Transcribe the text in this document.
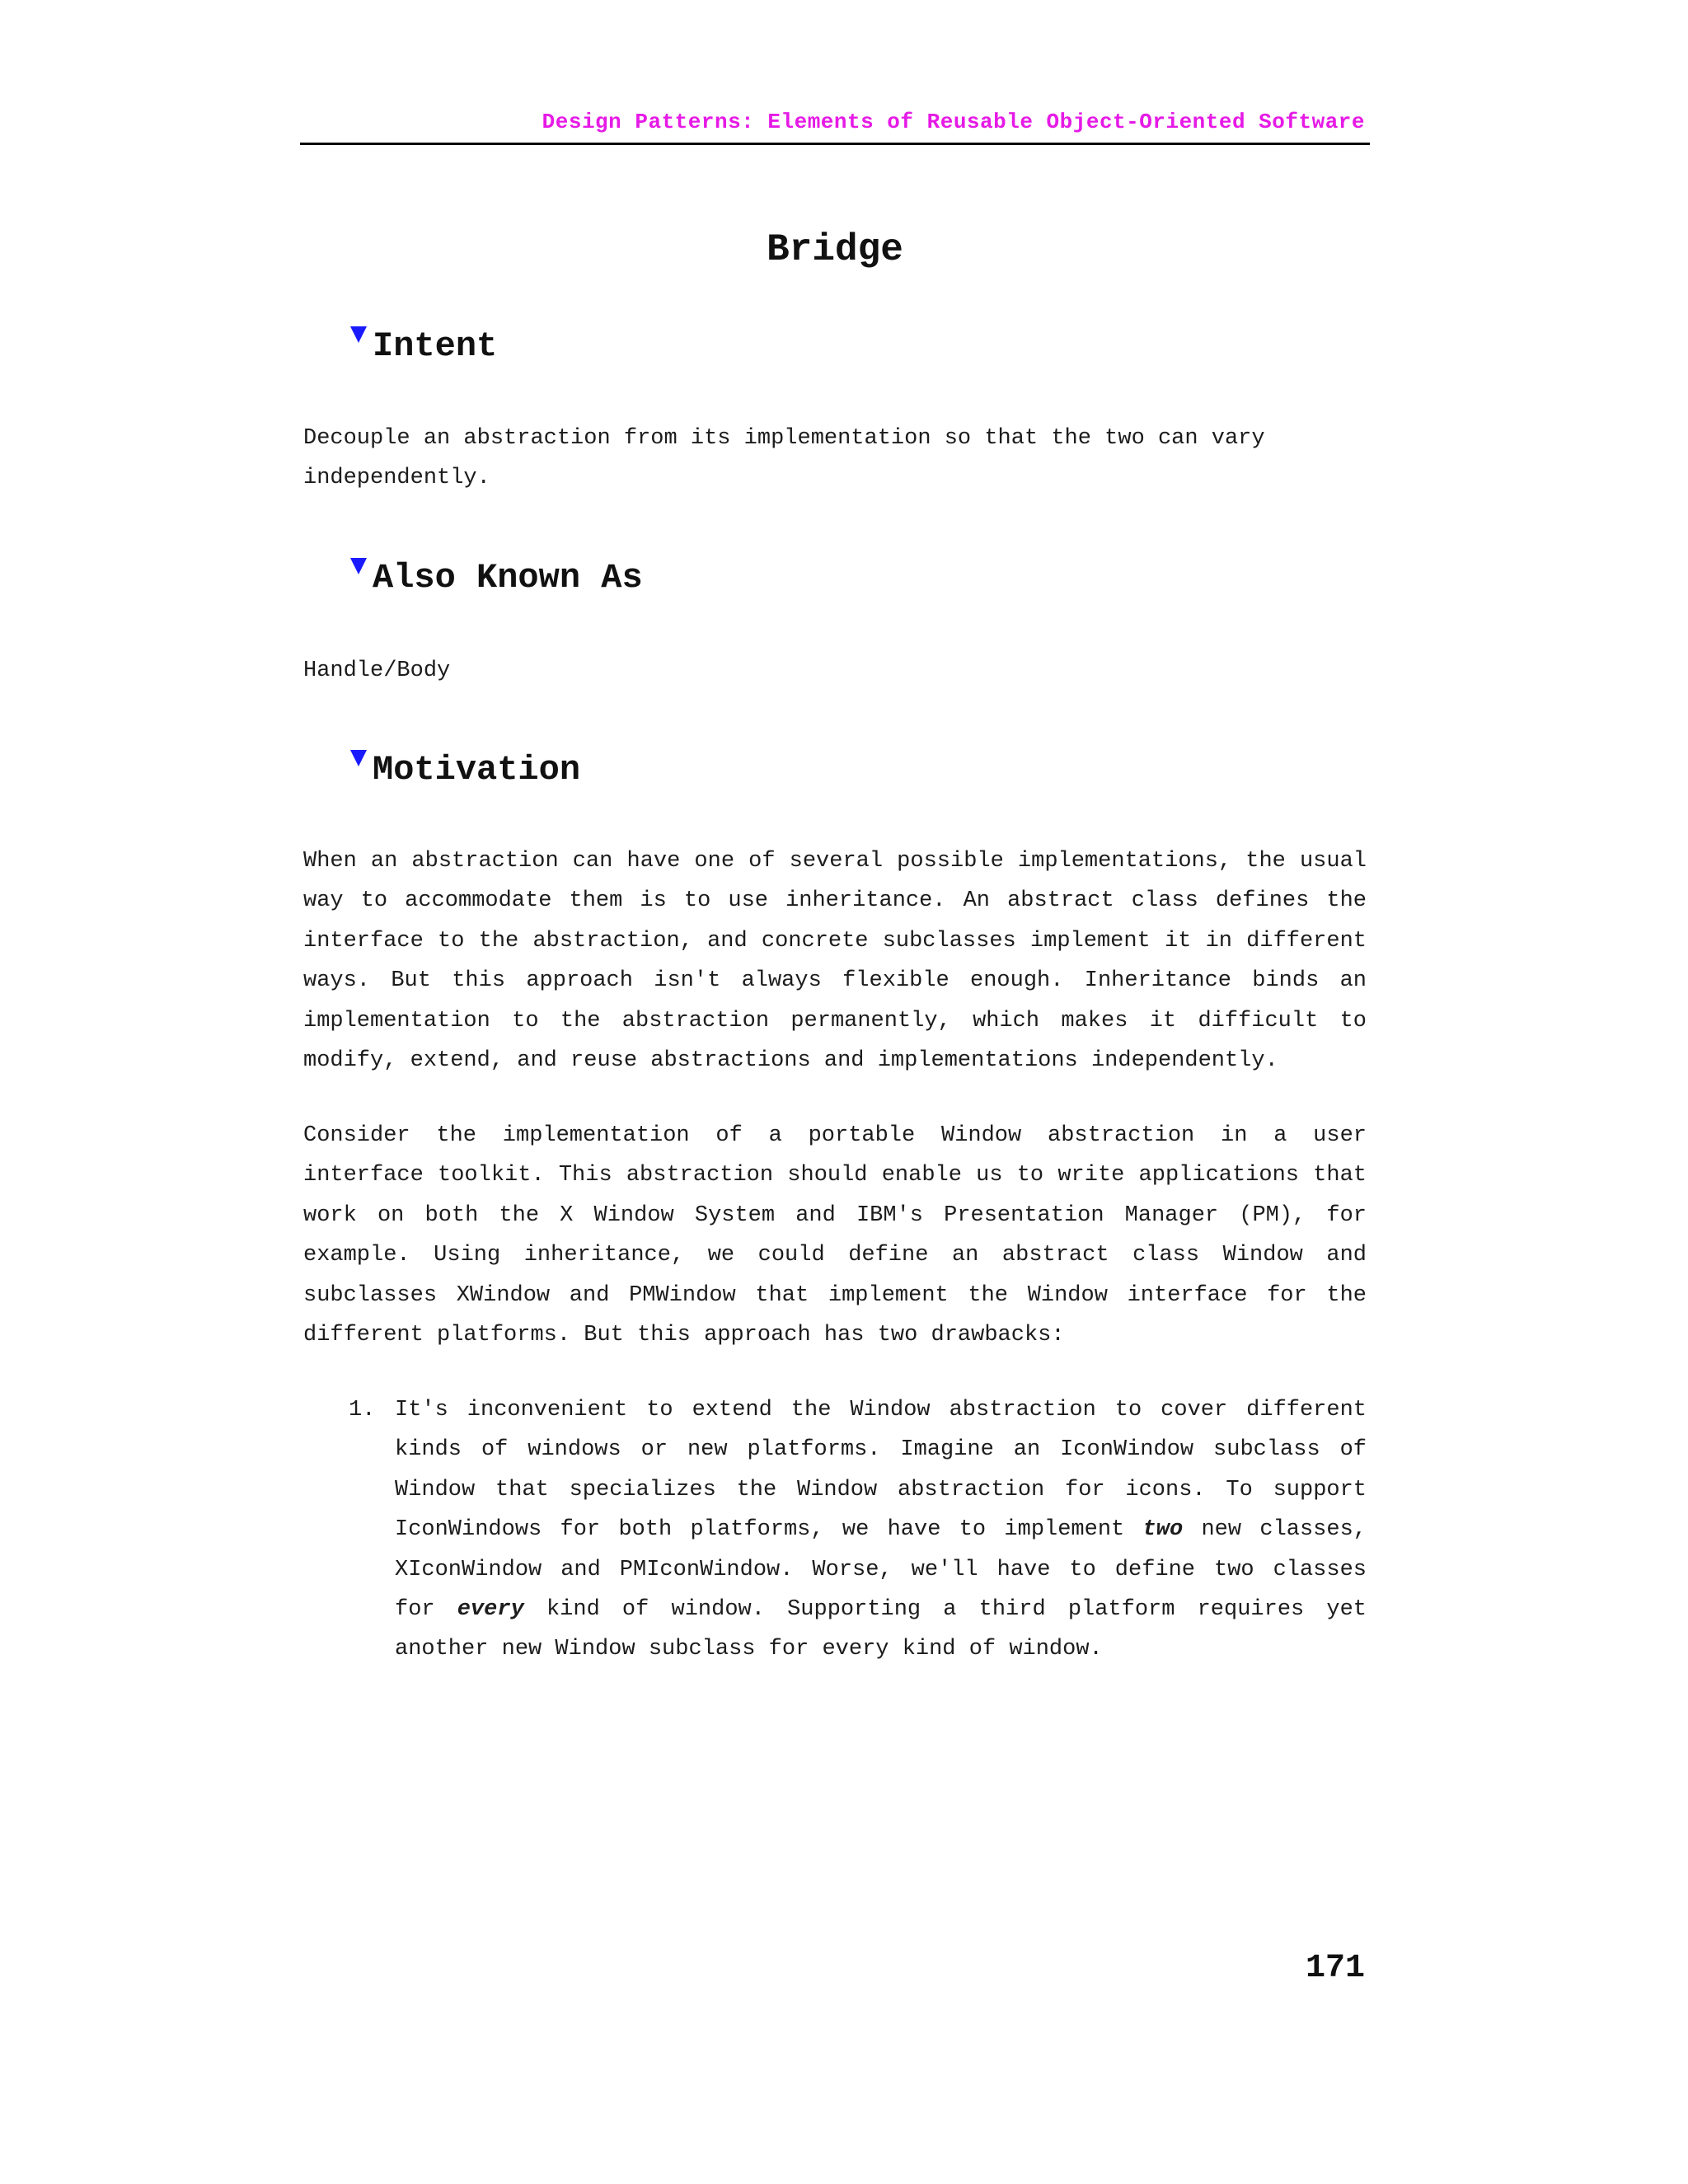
Design Patterns: Elements of Reusable Object-Oriented Software
Bridge
Intent

Decouple an abstraction from its implementation so that the two can vary independently.

Also Known As

Handle/Body

Motivation

When an abstraction can have one of several possible implementations, the usual way to accommodate them is to use inheritance. An abstract class defines the interface to the abstraction, and concrete subclasses implement it in different ways. But this approach isn't always flexible enough. Inheritance binds an implementation to the abstraction permanently, which makes it difficult to modify, extend, and reuse abstractions and implementations independently.

Consider the implementation of a portable Window abstraction in a user interface toolkit. This abstraction should enable us to write applications that work on both the X Window System and IBM's Presentation Manager (PM), for example. Using inheritance, we could define an abstract class Window and subclasses XWindow and PMWindow that implement the Window interface for the different platforms. But this approach has two drawbacks:

1. It's inconvenient to extend the Window abstraction to cover different kinds of windows or new platforms. Imagine an IconWindow subclass of Window that specializes the Window abstraction for icons. To support IconWindows for both platforms, we have to implement two new classes, XIconWindow and PMIconWindow. Worse, we'll have to define two classes for every kind of window. Supporting a third platform requires yet another new Window subclass for every kind of window.
171
